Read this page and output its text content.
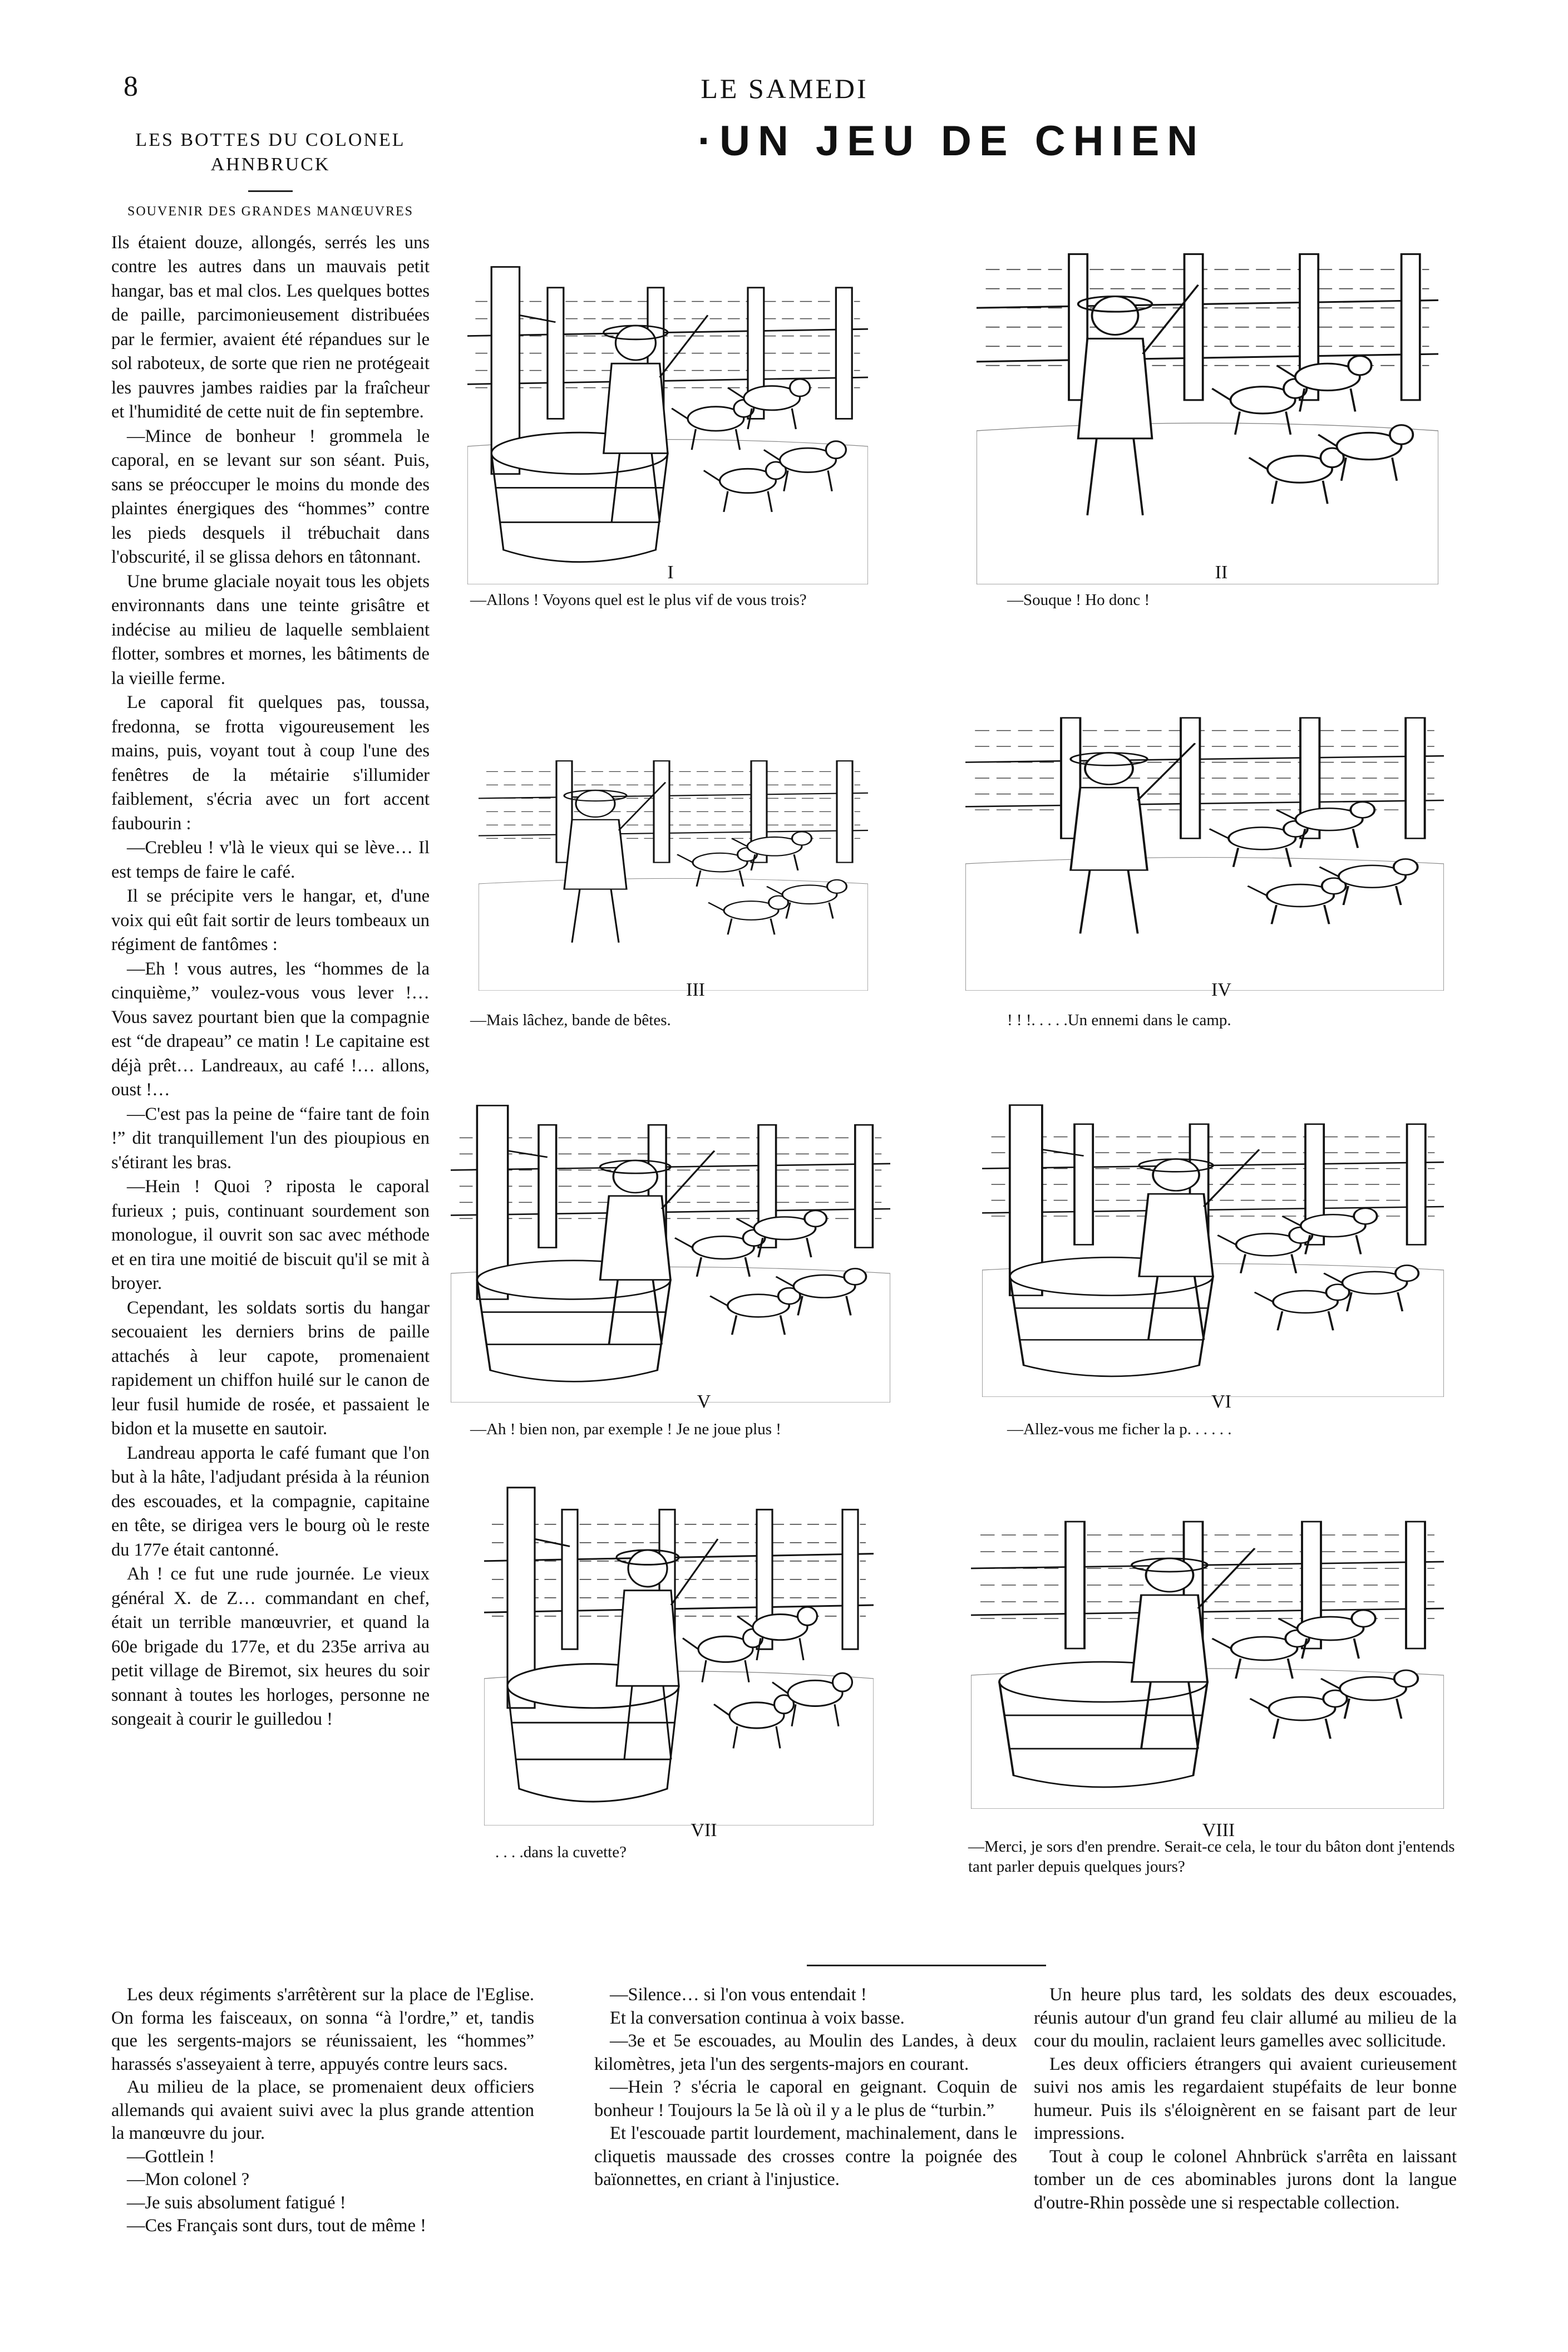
8	LE SAMEDI
·UN JEU DE CHIEN
LES BOTTES DU COLONEL
AHNBRUCK
SOUVENIR DES GRANDES MANŒUVRES

Ils étaient douze, allongés, serrés les uns contre les autres dans un mauvais petit hangar, bas et mal clos. Les quelques bottes de paille, parcimonieusement distribuées par le fermier, avaient été répandues sur le sol raboteux, de sorte que rien ne protégeait les pauvres jambes raidies par la fraîcheur et l'humidité de cette nuit de fin septembre.

—Mince de bonheur ! grommela le caporal, en se levant sur son séant. Puis, sans se préoccuper le moins du monde des plaintes énergiques des “hommes” contre les pieds desquels il trébuchait dans l'obscurité, il se glissa dehors en tâtonnant.

Une brume glaciale noyait tous les objets environnants dans une teinte grisâtre et indécise au milieu de laquelle semblaient flotter, sombres et mornes, les bâtiments de la vieille ferme.

Le caporal fit quelques pas, toussa, fredonna, se frotta vigoureusement les mains, puis, voyant tout à coup l'une des fenêtres de la métairie s'illumider faiblement, s'écria avec un fort accent faubourin :

—Crebleu ! v'là le vieux qui se lève… Il est temps de faire le café.

Il se précipite vers le hangar, et, d'une voix qui eût fait sortir de leurs tombeaux un régiment de fantômes :

—Eh ! vous autres, les “hommes de la cinquième,” voulez-vous vous lever !…Vous savez pourtant bien que la compagnie est “de drapeau” ce matin ! Le capitaine est déjà prêt… Landreaux, au café !… allons, oust !…

—C'est pas la peine de “faire tant de foin !” dit tranquillement l'un des pioupious en s'étirant les bras.

—Hein ! Quoi ? riposta le caporal furieux ; puis, continuant sourdement son monologue, il ouvrit son sac avec méthode et en tira une moitié de biscuit qu'il se mit à broyer.

Cependant, les soldats sortis du hangar secouaient les derniers brins de paille attachés à leur capote, promenaient rapidement un chiffon huilé sur le canon de leur fusil humide de rosée, et passaient le bidon et la musette en sautoir.

Landreau apporta le café fumant que l'on but à la hâte, l'adjudant présida à la réunion des escouades, et la compagnie, capitaine en tête, se dirigea vers le bourg où le reste du 177e était cantonné.

Ah ! ce fut une rude journée. Le vieux général X. de Z… commandant en chef, était un terrible manœuvrier, et quand la 60e brigade du 177e, et du 235e arriva au petit village de Biremot, six heures du soir sonnant à toutes les horloges, personne ne songeait à courir le guilledou !

I
—Allons ! Voyons quel est le plus vif de vous trois?
II
—Souque ! Ho donc !
III
—Mais lâchez, bande de bêtes.
IV
! ! !. . . . .Un ennemi dans le camp.
V
—Ah ! bien non, par exemple ! Je ne joue plus !
VI
—Allez-vous me ficher la p. . . . . .
VII
. . . .dans la cuvette?
VIII
—Merci, je sors d'en prendre. Serait-ce cela, le tour du bâton dont j'entends tant parler depuis quelques jours?

Les deux régiments s'arrêtèrent sur la place de l'Eglise. On forma les faisceaux, on sonna “à l'ordre,” et, tandis que les sergents-majors se réunissaient, les “hommes” harassés s'asseyaient à terre, appuyés contre leurs sacs.

Au milieu de la place, se promenaient deux officiers allemands qui avaient suivi avec la plus grande attention la manœuvre du jour.

—Gottlein !

—Mon colonel ?

—Je suis absolument fatigué !

—Ces Français sont durs, tout de même !

—Silence… si l'on vous entendait !

Et la conversation continua à voix basse.

—3e et 5e escouades, au Moulin des Landes, à deux kilomètres, jeta l'un des sergents-majors en courant.

—Hein ? s'écria le caporal en geignant. Coquin de bonheur ! Toujours la 5e là où il y a le plus de “turbin.”

Et l'escouade partit lourdement, machinalement, dans le cliquetis maussade des crosses contre la poignée des baïonnettes, en criant à l'injustice.

Un heure plus tard, les soldats des deux escouades, réunis autour d'un grand feu clair allumé au milieu de la cour du moulin, raclaient leurs gamelles avec sollicitude.

Les deux officiers étrangers qui avaient curieusement suivi nos amis les regardaient stupéfaits de leur bonne humeur. Puis ils s'éloignèrent en se faisant part de leur impressions.

Tout à coup le colonel Ahnbrück s'arrêta en laissant tomber un de ces abominables jurons dont la langue d'outre-Rhin possède une si respectable collection.
